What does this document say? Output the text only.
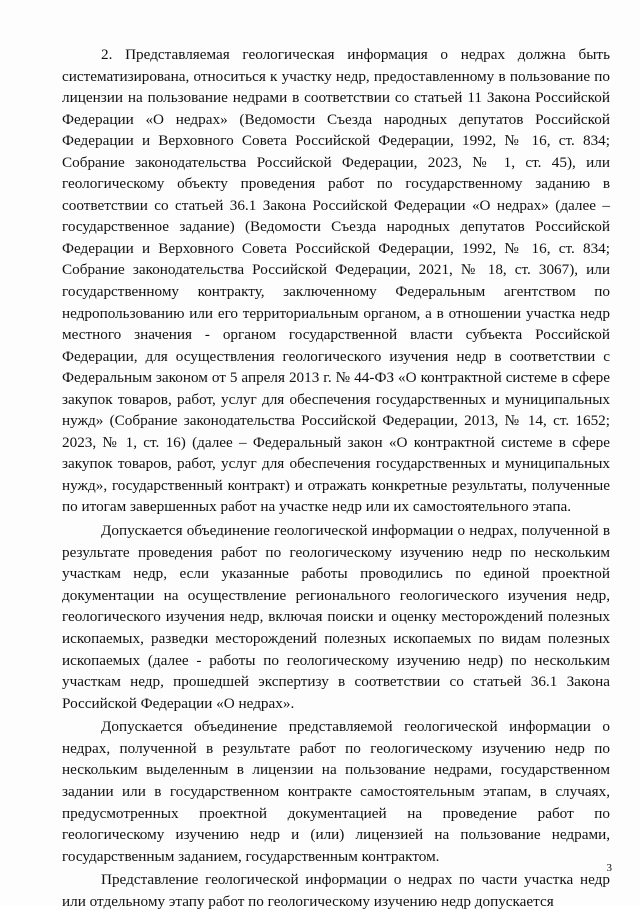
2. Представляемая геологическая информация о недрах должна быть систематизирована, относиться к участку недр, предоставленному в пользование по лицензии на пользование недрами в соответствии со статьей 11 Закона Российской Федерации «О недрах» (Ведомости Съезда народных депутатов Российской Федерации и Верховного Совета Российской Федерации, 1992, № 16, ст. 834; Собрание законодательства Российской Федерации, 2023, № 1, ст. 45), или геологическому объекту проведения работ по государственному заданию в соответствии со статьей 36.1 Закона Российской Федерации «О недрах» (далее – государственное задание) (Ведомости Съезда народных депутатов Российской Федерации и Верховного Совета Российской Федерации, 1992, № 16, ст. 834; Собрание законодательства Российской Федерации, 2021, № 18, ст. 3067), или государственному контракту, заключенному Федеральным агентством по недропользованию или его территориальным органом, а в отношении участка недр местного значения - органом государственной власти субъекта Российской Федерации, для осуществления геологического изучения недр в соответствии с Федеральным законом от 5 апреля 2013 г. № 44-ФЗ «О контрактной системе в сфере закупок товаров, работ, услуг для обеспечения государственных и муниципальных нужд» (Собрание законодательства Российской Федерации, 2013, № 14, ст. 1652; 2023, № 1, ст. 16) (далее – Федеральный закон «О контрактной системе в сфере закупок товаров, работ, услуг для обеспечения государственных и муниципальных нужд», государственный контракт) и отражать конкретные результаты, полученные по итогам завершенных работ на участке недр или их самостоятельного этапа.

Допускается объединение геологической информации о недрах, полученной в результате проведения работ по геологическому изучению недр по нескольким участкам недр, если указанные работы проводились по единой проектной документации на осуществление регионального геологического изучения недр, геологического изучения недр, включая поиски и оценку месторождений полезных ископаемых, разведки месторождений полезных ископаемых по видам полезных ископаемых (далее - работы по геологическому изучению недр) по нескольким участкам недр, прошедшей экспертизу в соответствии со статьей 36.1 Закона Российской Федерации «О недрах».

Допускается объединение представляемой геологической информации о недрах, полученной в результате работ по геологическому изучению недр по нескольким выделенным в лицензии на пользование недрами, государственном задании или в государственном контракте самостоятельным этапам, в случаях, предусмотренных проектной документацией на проведение работ по геологическому изучению недр и (или) лицензией на пользование недрами, государственным заданием, государственным контрактом.

Представление геологической информации о недрах по части участка недр или отдельному этапу работ по геологическому изучению недр допускается

3
